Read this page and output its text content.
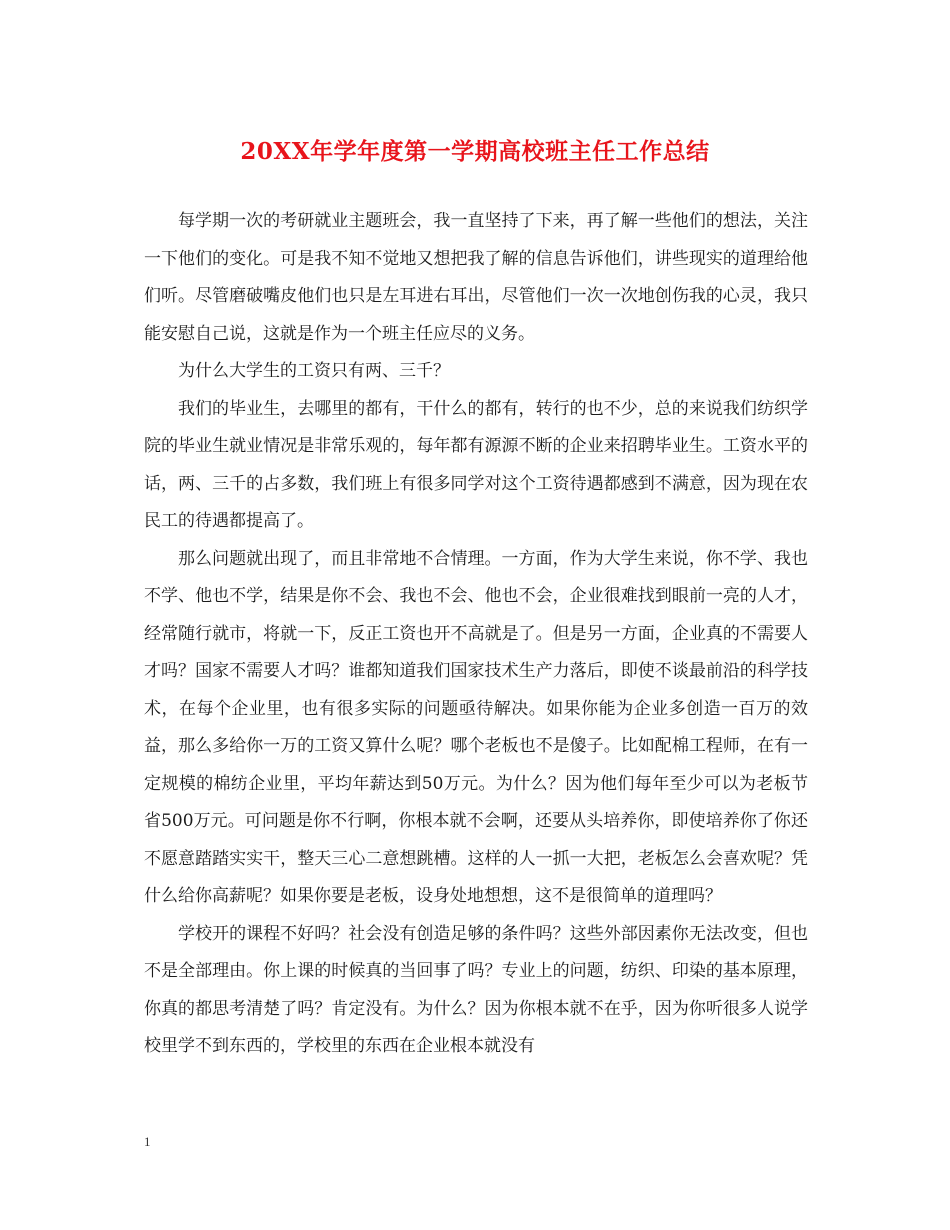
20XX年学年度第一学期高校班主任工作总结

每学期一次的考研就业主题班会，我一直坚持了下来，再了解一些他们的想法，关注一下他们的变化。可是我不知不觉地又想把我了解的信息告诉他们，讲些现实的道理给他们听。尽管磨破嘴皮他们也只是左耳进右耳出，尽管他们一次一次地创伤我的心灵，我只能安慰自己说，这就是作为一个班主任应尽的义务。

为什么大学生的工资只有两、三千？

我们的毕业生，去哪里的都有，干什么的都有，转行的也不少，总的来说我们纺织学院的毕业生就业情况是非常乐观的，每年都有源源不断的企业来招聘毕业生。工资水平的话，两、三千的占多数，我们班上有很多同学对这个工资待遇都感到不满意，因为现在农民工的待遇都提高了。

那么问题就出现了，而且非常地不合情理。一方面，作为大学生来说，你不学、我也不学、他也不学，结果是你不会、我也不会、他也不会，企业很难找到眼前一亮的人才，经常随行就市，将就一下，反正工资也开不高就是了。但是另一方面，企业真的不需要人才吗？国家不需要人才吗？谁都知道我们国家技术生产力落后，即使不谈最前沿的科学技术，在每个企业里，也有很多实际的问题亟待解决。如果你能为企业多创造一百万的效益，那么多给你一万的工资又算什么呢？哪个老板也不是傻子。比如配棉工程师，在有一定规模的棉纺企业里，平均年薪达到50万元。为什么？因为他们每年至少可以为老板节省500万元。可问题是你不行啊，你根本就不会啊，还要从头培养你，即使培养你了你还不愿意踏踏实实干，整天三心二意想跳槽。这样的人一抓一大把，老板怎么会喜欢呢？凭什么给你高薪呢？如果你要是老板，设身处地想想，这不是很简单的道理吗？

学校开的课程不好吗？社会没有创造足够的条件吗？这些外部因素你无法改变，但也不是全部理由。你上课的时候真的当回事了吗？专业上的问题，纺织、印染的基本原理，你真的都思考清楚了吗？肯定没有。为什么？因为你根本就不在乎，因为你听很多人说学校里学不到东西的，学校里的东西在企业根本就没有

1
